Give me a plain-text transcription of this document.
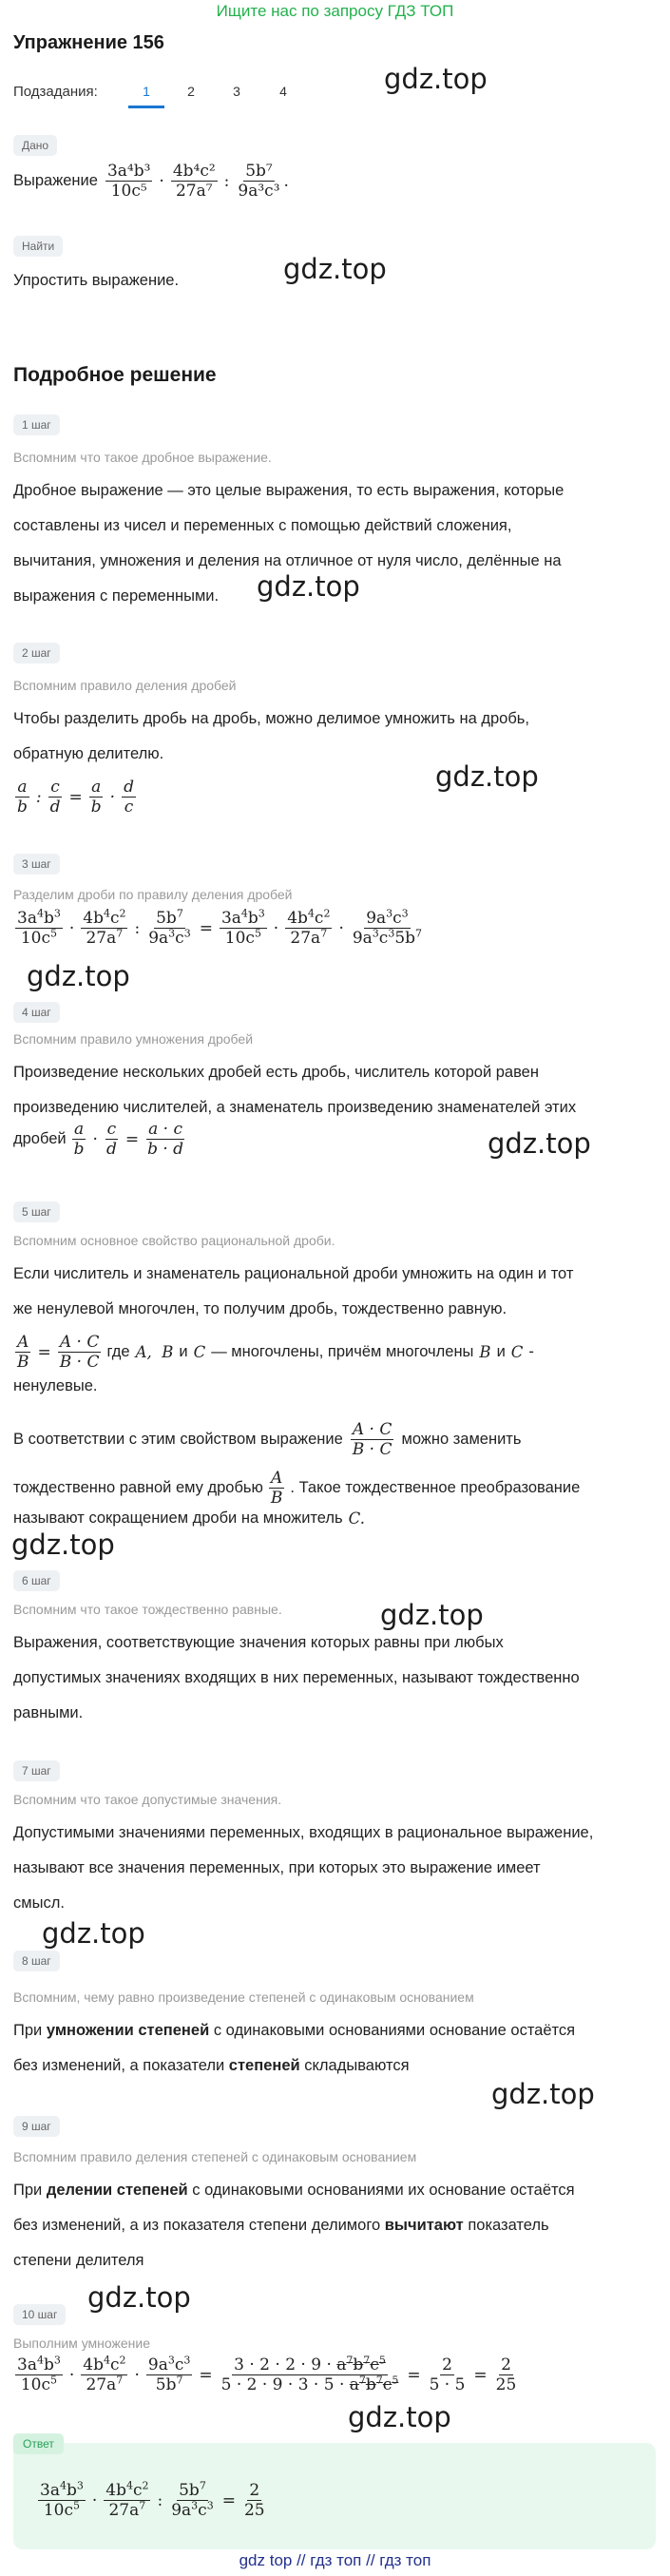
Ищите нас по запросу ГДЗ ТОП
Упражнение 156
Подзадания:	1	2	3	4	gdz.top
gdz.top
gdz.top
gdz.top
gdz.top
gdz.top
gdz.top
gdz.top
gdz.top
gdz.top
gdz.top
gdz.top
Дано
Выражение $\frac{\text{3a⁴b³}}{\text{10c⁵}} \cdot \frac{\text{4b⁴c²}}{\text{27a⁷}}$ : $\frac{\text{5b⁷}}{\text{9a³c³}}$ .
Найти
Упростить выражение.
Подробное решение
1 шаг
Вспомним что такое дробное выражение.
Дробное выражение — это целые выражения, то есть выражения, которые
составлены из чисел и переменных с помощью действий сложения,
вычитания, умножения и деления на отличное от нуля число, делённые на
выражения с переменными.
2 шаг
Вспомним правило деления дробей
Чтобы разделить дробь на дробь, можно делимое умножить на дробь,
обратную делителю.
$\frac{a}{b}$ : $\frac{c}{d} = \frac{a}{b} \cdot \frac{d}{c}$
3 шаг
Разделим дроби по правилу деления дробей
$\frac{3a^4b^3}{10c^5} \cdot \frac{4b^4c^2}{27a^7}$ : $\frac{5b^7}{9a^3c^3} = \frac{3a^4b^3}{10c^5} \cdot \frac{4b^4c^2}{27a^7} \cdot \frac{9a^3c^3}{9a^3c^35b^7}$
4 шаг
Вспомним правило умножения дробей
Произведение нескольких дробей есть дробь, числитель которой равен
произведению числителей, а знаменатель произведению знаменателей этих
дробей $\frac{a}{b} \cdot \frac{c}{d} = \frac{a \cdot c}{b \cdot d}$
5 шаг
Вспомним основное свойство рациональной дроби.
Если числитель и знаменатель рациональной дроби умножить на один и тот
же ненулевой многочлен, то получим дробь, тождественно равную.
$\frac{A}{B} = \frac{A \cdot C}{B \cdot C}$ где A,  B и C — многочлены, причём многочлены B и C -
ненулевые.
В соответствии с этим свойством выражение $\frac{A \cdot C}{B \cdot C}$ можно заменить
тождественно равной ему дробью $\frac{A}{B}$ . Такое тождественное преобразование
называют сокращением дроби на множитель C.
6 шаг
Вспомним что такое тождественно равные.
Выражения, соответствующие значения которых равны при любых
допустимых значениях входящих в них переменных, называют тождественно
равными.
7 шаг
Вспомним что такое допустимые значения.
Допустимыми значениями переменных, входящих в рациональное выражение,
называют все значения переменных, при которых это выражение имеет
смысл.
8 шаг
Вспомним, чему равно произведение степеней с одинаковым основанием
При умножении степеней с одинаковыми основаниями основание остаётся
без изменений, а показатели степеней складываются
9 шаг
Вспомним правило деления степеней с одинаковым основанием
При делении степеней с одинаковыми основаниями их основание остаётся
без изменений, а из показателя степени делимого вычитают показатель
степени делителя
10 шаг
Выполним умножение
$\frac{3a^4b^3}{10c^5} \cdot \frac{4b^4c^2}{27a^7} \cdot \frac{9a^3c^3}{5b^7} = \frac{3 \cdot 2 \cdot 2 \cdot 9 \cdot a^7b^7c^5}{5 \cdot 2 \cdot 9 \cdot 3 \cdot 5 \cdot a^7b^7c^5} = \frac{2}{5 \cdot 5} = \frac{2}{25}$
Ответ
$\frac{3a^4b^3}{10c^5} \cdot \frac{4b^4c^2}{27a^7}$ : $\frac{5b^7}{9a^3c^3} = \frac{2}{25}$
gdz top // гдз топ // гдз топ
